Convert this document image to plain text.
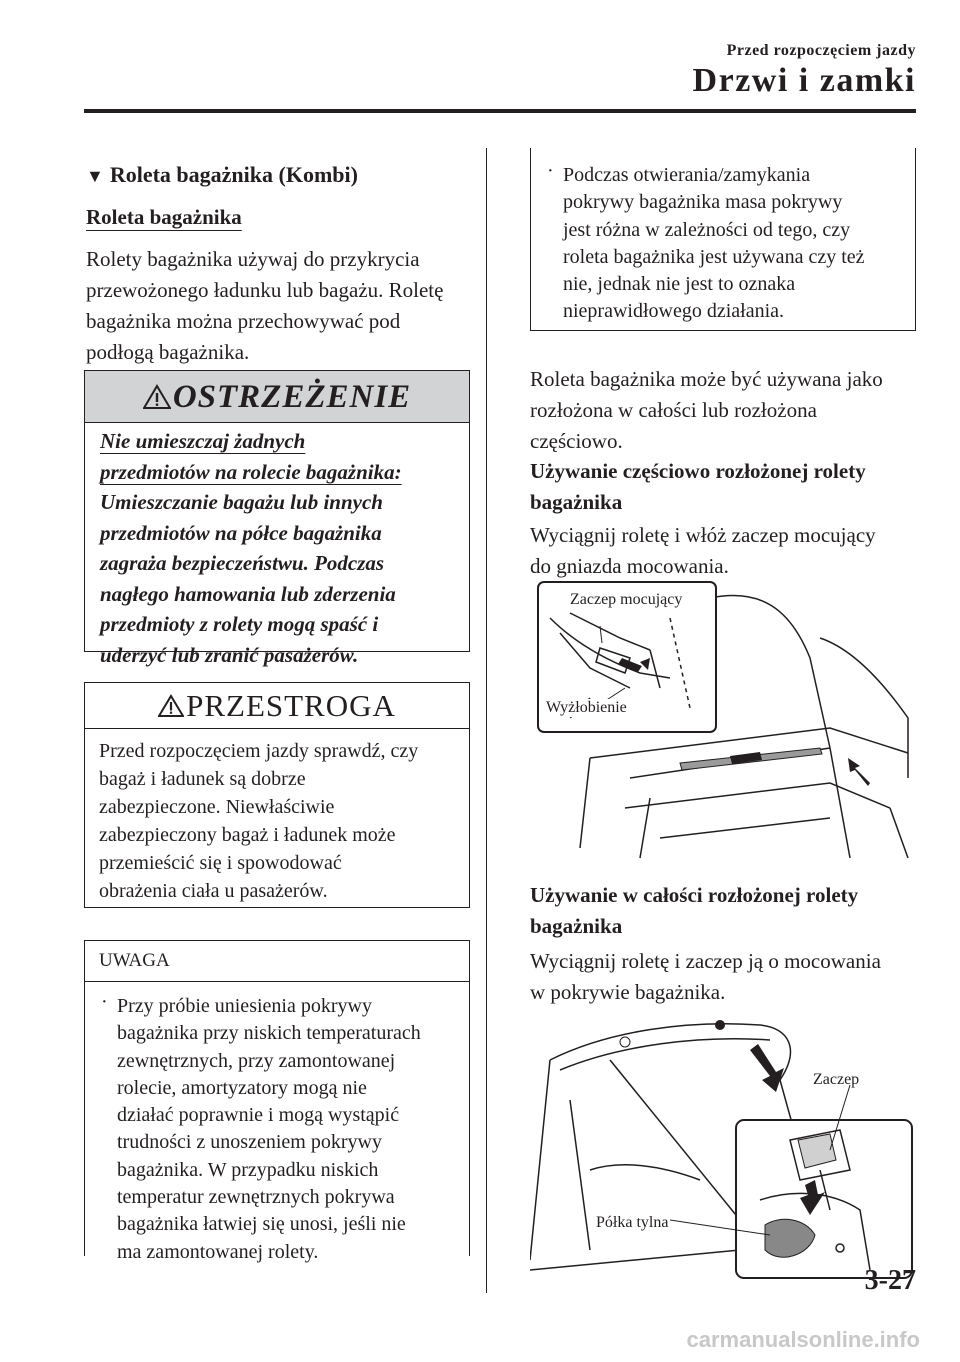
Przed rozpoczęciem jazdy
Drzwi i zamki
▼ Roleta bagażnika (Kombi)
Roleta bagażnika
Rolety bagażnika używaj do przykrycia
przewożonego ładunku lub bagażu. Roletę
bagażnika można przechowywać pod
podłogą bagażnika.
OSTRZEŻENIE
Nie umieszczaj żadnych
przedmiotów na rolecie bagażnika:
Umieszczanie bagażu lub innych
przedmiotów na półce bagażnika
zagraża bezpieczeństwu. Podczas
nagłego hamowania lub zderzenia
przedmioty z rolety mogą spaść i
uderzyć lub zranić pasażerów.
PRZESTROGA
Przed rozpoczęciem jazdy sprawdź, czy
bagaż i ładunek są dobrze
zabezpieczone. Niewłaściwie
zabezpieczony bagaż i ładunek może
przemieścić się i spowodować
obrażenia ciała u pasażerów.
UWAGA
· Przy próbie uniesienia pokrywy
bagażnika przy niskich temperaturach
zewnętrznych, przy zamontowanej
rolecie, amortyzatory mogą nie
działać poprawnie i mogą wystąpić
trudności z unoszeniem pokrywy
bagażnika. W przypadku niskich
temperatur zewnętrznych pokrywa
bagażnika łatwiej się unosi, jeśli nie
ma zamontowanej rolety.
· Podczas otwierania/zamykania
pokrywy bagażnika masa pokrywy
jest różna w zależności od tego, czy
roleta bagażnika jest używana czy też
nie, jednak nie jest to oznaka
nieprawidłowego działania.
Roleta bagażnika może być używana jako
rozłożona w całości lub rozłożona
częściowo.
Używanie częściowo rozłożonej rolety
bagażnika
Wyciągnij roletę i włóż zaczep mocujący
do gniazda mocowania.
Zaczep mocujący
Wyżłobienie
Używanie w całości rozłożonej rolety
bagażnika
Wyciągnij roletę i zaczep ją o mocowania
w pokrywie bagażnika.
Zaczep
Półka tylna
3-27
carmanualsonline.info
